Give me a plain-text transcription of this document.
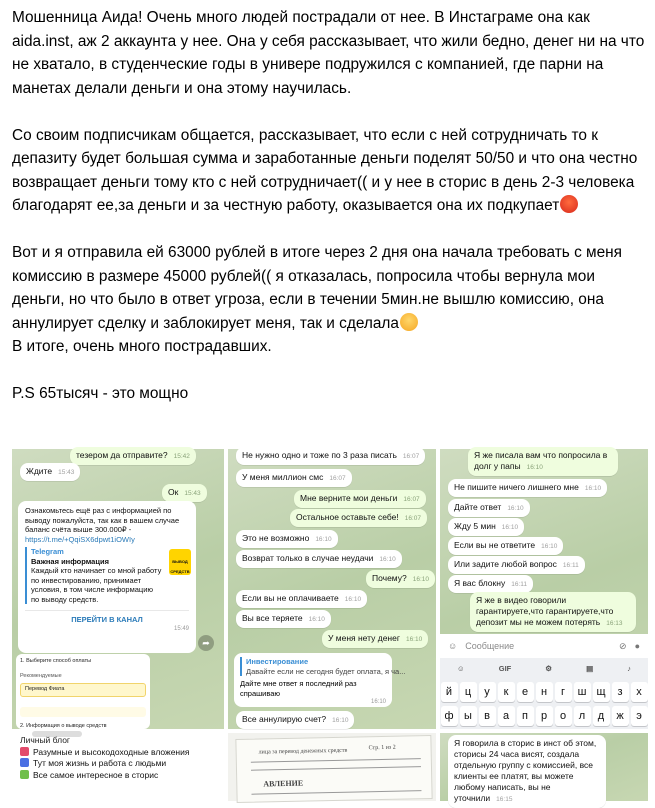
Мошенница Аида! Очень много людей пострадали от нее. В Инстаграме она как aida.inst, аж 2 аккаунта у нее. Она у себя рассказывает, что жили бедно, денег ни на что не хватало, в студенческие годы в универе подружился с компанией, где парни на манетах делали деньги и она этому научилась.

Со своим подписчикам общается, рассказывает, что если с ней сотрудничать то к депазиту будет большая сумма и заработанные деньги поделят 50/50 и что она честно возвращает деньги тому кто с ней сотрудничает(( и у нее в сторис в день 2-3 человека благодарят ее,за деньги и за честную работу, оказывается она их подкупает

Вот и я отправила ей 63000 рублей в итоге через 2 дня она начала требовать с меня комиссию в размере 45000 рублей(( я отказалась, попросила чтобы вернула мои деньги, но что было в ответ угроза, если в течении 5мин.не вышлю комиссию, она аннулирует сделку и заблокирует меня, так и сделала

В итоге, очень много пострадавших.

P.S 65тысяч - это мощно

тезером да отправите? 15:42
Ждите 15:43
Ок 15:43
Ознакомьтесь ещё раз с информацией по выводу пожалуйста, так как в вашем случае баланс счёта выше 300.000₽ - https://t.me/+QqiSX6dpwt1iOWIy
Telegram
Важная информация
Каждый кто начинает со мной работу по инвестированию, принимает условия, в том числе информацию по выводу средств.
ВЫВОД СРЕДСТВ
ПЕРЕЙТИ В КАНАЛ
15:49
➦
1. Выберите способ оплаты
Рекомендуемые
Перевод Фиата
2. Информация о выводе средств
Не нужно одно и тоже по 3 раза писать 16:07
У меня миллион смс 16:07
Мне верните мои деньги 16:07
Остальное оставьте себе! 16:07
Это не возможно 16:10
Возврат только в случае неудачи 16:10
Почему? 16:10
Если вы не оплачиваете 16:10
Вы все теряете 16:10
У меня нету денег 16:10
Инвестирование
Давайте если не сегодня будет оплата, я ча...
Дайте мне ответ я последний раз спрашиваю
16:10
Все аннулирую счет? 16:10
Я же писала вам что попросила в долг у папы 16:10
Не пишите ничего лишнего мне 16:10
Дайте ответ 16:10
Жду 5 мин 16:10
Если вы не ответите 16:10
Или задите любой вопрос 16:11
Я вас блокну 16:11
Я же в видео говорили гарантируете,что гарантируете,что депозит мы не можем потерять 16:13
☺ Сообщение	⊘ ●
☺	GIF	⚙	▤	♪
й	ц	у	к	е	н	г	ш щ	з	х
ф ы	в	а	п	р	о	л	д	ж	э
Личный блог
Разумные и высокодоходные вложения
Тут моя жизнь и работа с людьми
Все самое интересное в сторис
лица за перевод денежных средств	Стр. 1 из 2
АВЛЕНИЕ
Я говорила в сторис в инст об этом, сторисы 24 часа висят, создала отдельную группу с комиссией, все клиенты ее платят, вы можете любому написать, вы не уточнили 16:15
